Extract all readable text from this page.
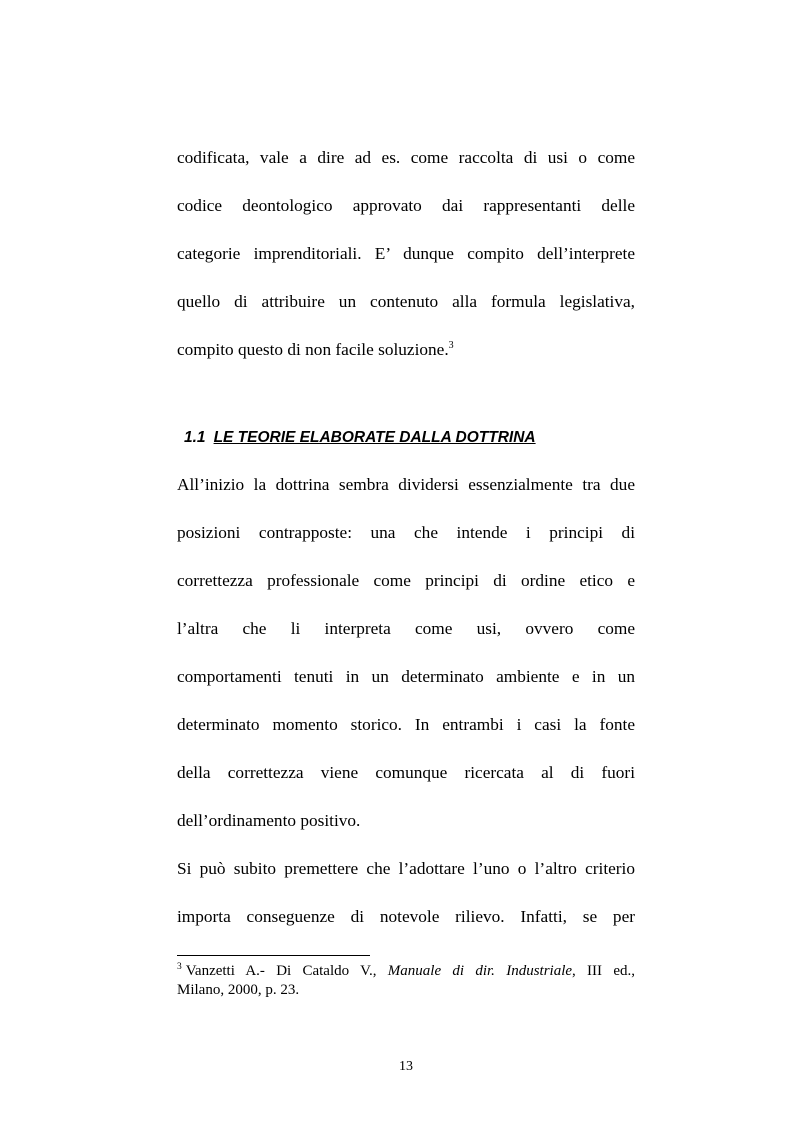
codificata, vale a dire ad es. come raccolta di usi o come
codice deontologico approvato dai rappresentanti delle
categorie imprenditoriali. E’ dunque compito dell’interprete
quello di attribuire un contenuto alla formula legislativa,
compito questo di non facile soluzione.$^3$
1.1 LE TEORIE ELABORATE DALLA DOTTRINA
All’inizio la dottrina sembra dividersi essenzialmente tra due
posizioni contrapposte: una che intende i principi di
correttezza professionale come principi di ordine etico e
l’altra che li interpreta come usi, ovvero come
comportamenti tenuti in un determinato ambiente e in un
determinato momento storico. In entrambi i casi la fonte
della correttezza viene comunque ricercata al di fuori
dell’ordinamento positivo.
Si può subito premettere che l’adottare l’uno o l’altro criterio
importa conseguenze di notevole rilievo. Infatti, se per
$^3$ Vanzetti A.- Di Cataldo V., Manuale di dir. Industriale, III ed.,
Milano, 2000, p. 23.
13
